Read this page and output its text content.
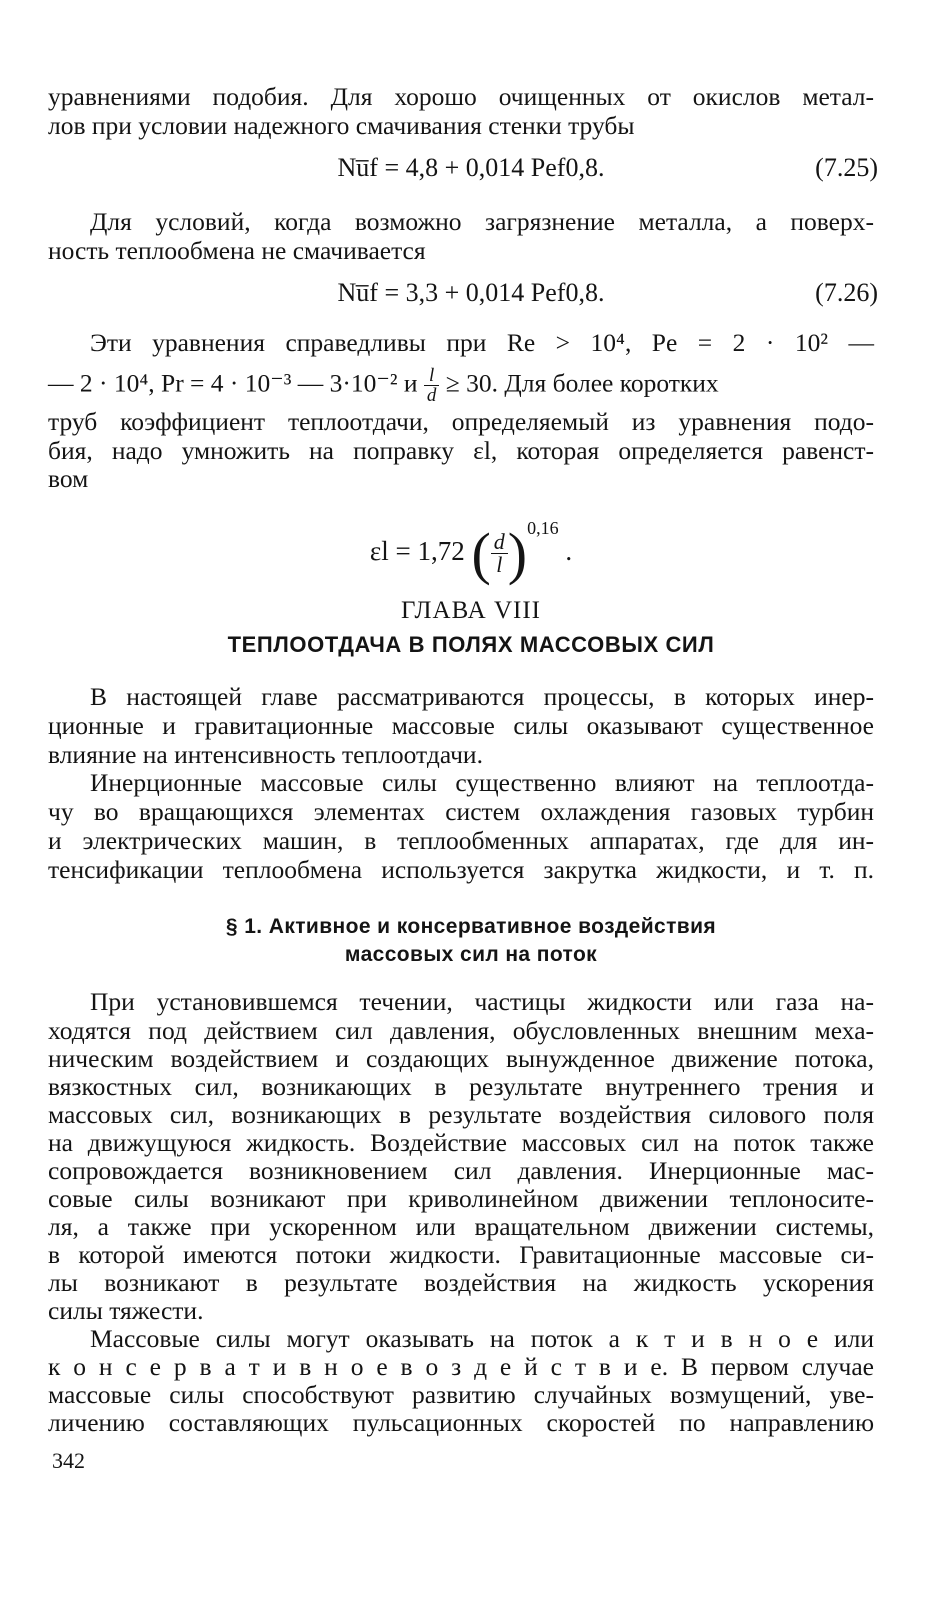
уравнениями подобия. Для хорошо очищенных от окислов метал-
лов при условии надежного смачивания стенки трубы
Nu̅f = 4,8 + 0,014 Pef0,8.	(7.25)
Для условий, когда возможно загрязнение металла, а поверх-
ность теплообмена не смачивается
Nu̅f = 3,3 + 0,014 Pef0,8.	(7.26)
Эти уравнения справедливы при Re > 10⁴, Pe = 2 · 10² —
— 2 · 10⁴, Pr = 4 · 10⁻³ — 3·10⁻² и $\frac{l}{d} \ge 30$. Для более коротких
труб коэффициент теплоотдачи, определяемый из уравнения подо-
бия, надо умножить на поправку εl, которая определяется равенст-
вом
εl = 1,72 ( $\frac{d}{l} )^{0,16}$ .
ГЛАВА VIII
ТЕПЛООТДАЧА В ПОЛЯХ МАССОВЫХ СИЛ
В настоящей главе рассматриваются процессы, в которых инер-
ционные и гравитационные массовые силы оказывают существенное
влияние на интенсивность теплоотдачи.
Инерционные массовые силы существенно влияют на теплоотда-
чу во вращающихся элементах систем охлаждения газовых турбин
и электрических машин, в теплообменных аппаратах, где для ин-
тенсификации теплообмена используется закрутка жидкости, и т. п.
§ 1. Активное и консервативное воздействия
массовых сил на поток
При установившемся течении, частицы жидкости или газа на-
ходятся под действием сил давления, обусловленных внешним меха-
ническим воздействием и создающих вынужденное движение потока,
вязкостных сил, возникающих в результате внутреннего трения и
массовых сил, возникающих в результате воздействия силового поля
на движущуюся жидкость. Воздействие массовых сил на поток также
сопровождается возникновением сил давления. Инерционные мас-
совые силы возникают при криволинейном движении теплоносите-
ля, а также при ускоренном или вращательном движении системы,
в которой имеются потоки жидкости. Гравитационные массовые си-
лы возникают в результате воздействия на жидкость ускорения
силы тяжести.
Массовые силы могут оказывать на поток а к т и в н о е или
к о н с е р в а т и в н о е в о з д е й с т в и е. В первом случае
массовые силы способствуют развитию случайных возмущений, уве-
личению составляющих пульсационных скоростей по направлению
342
